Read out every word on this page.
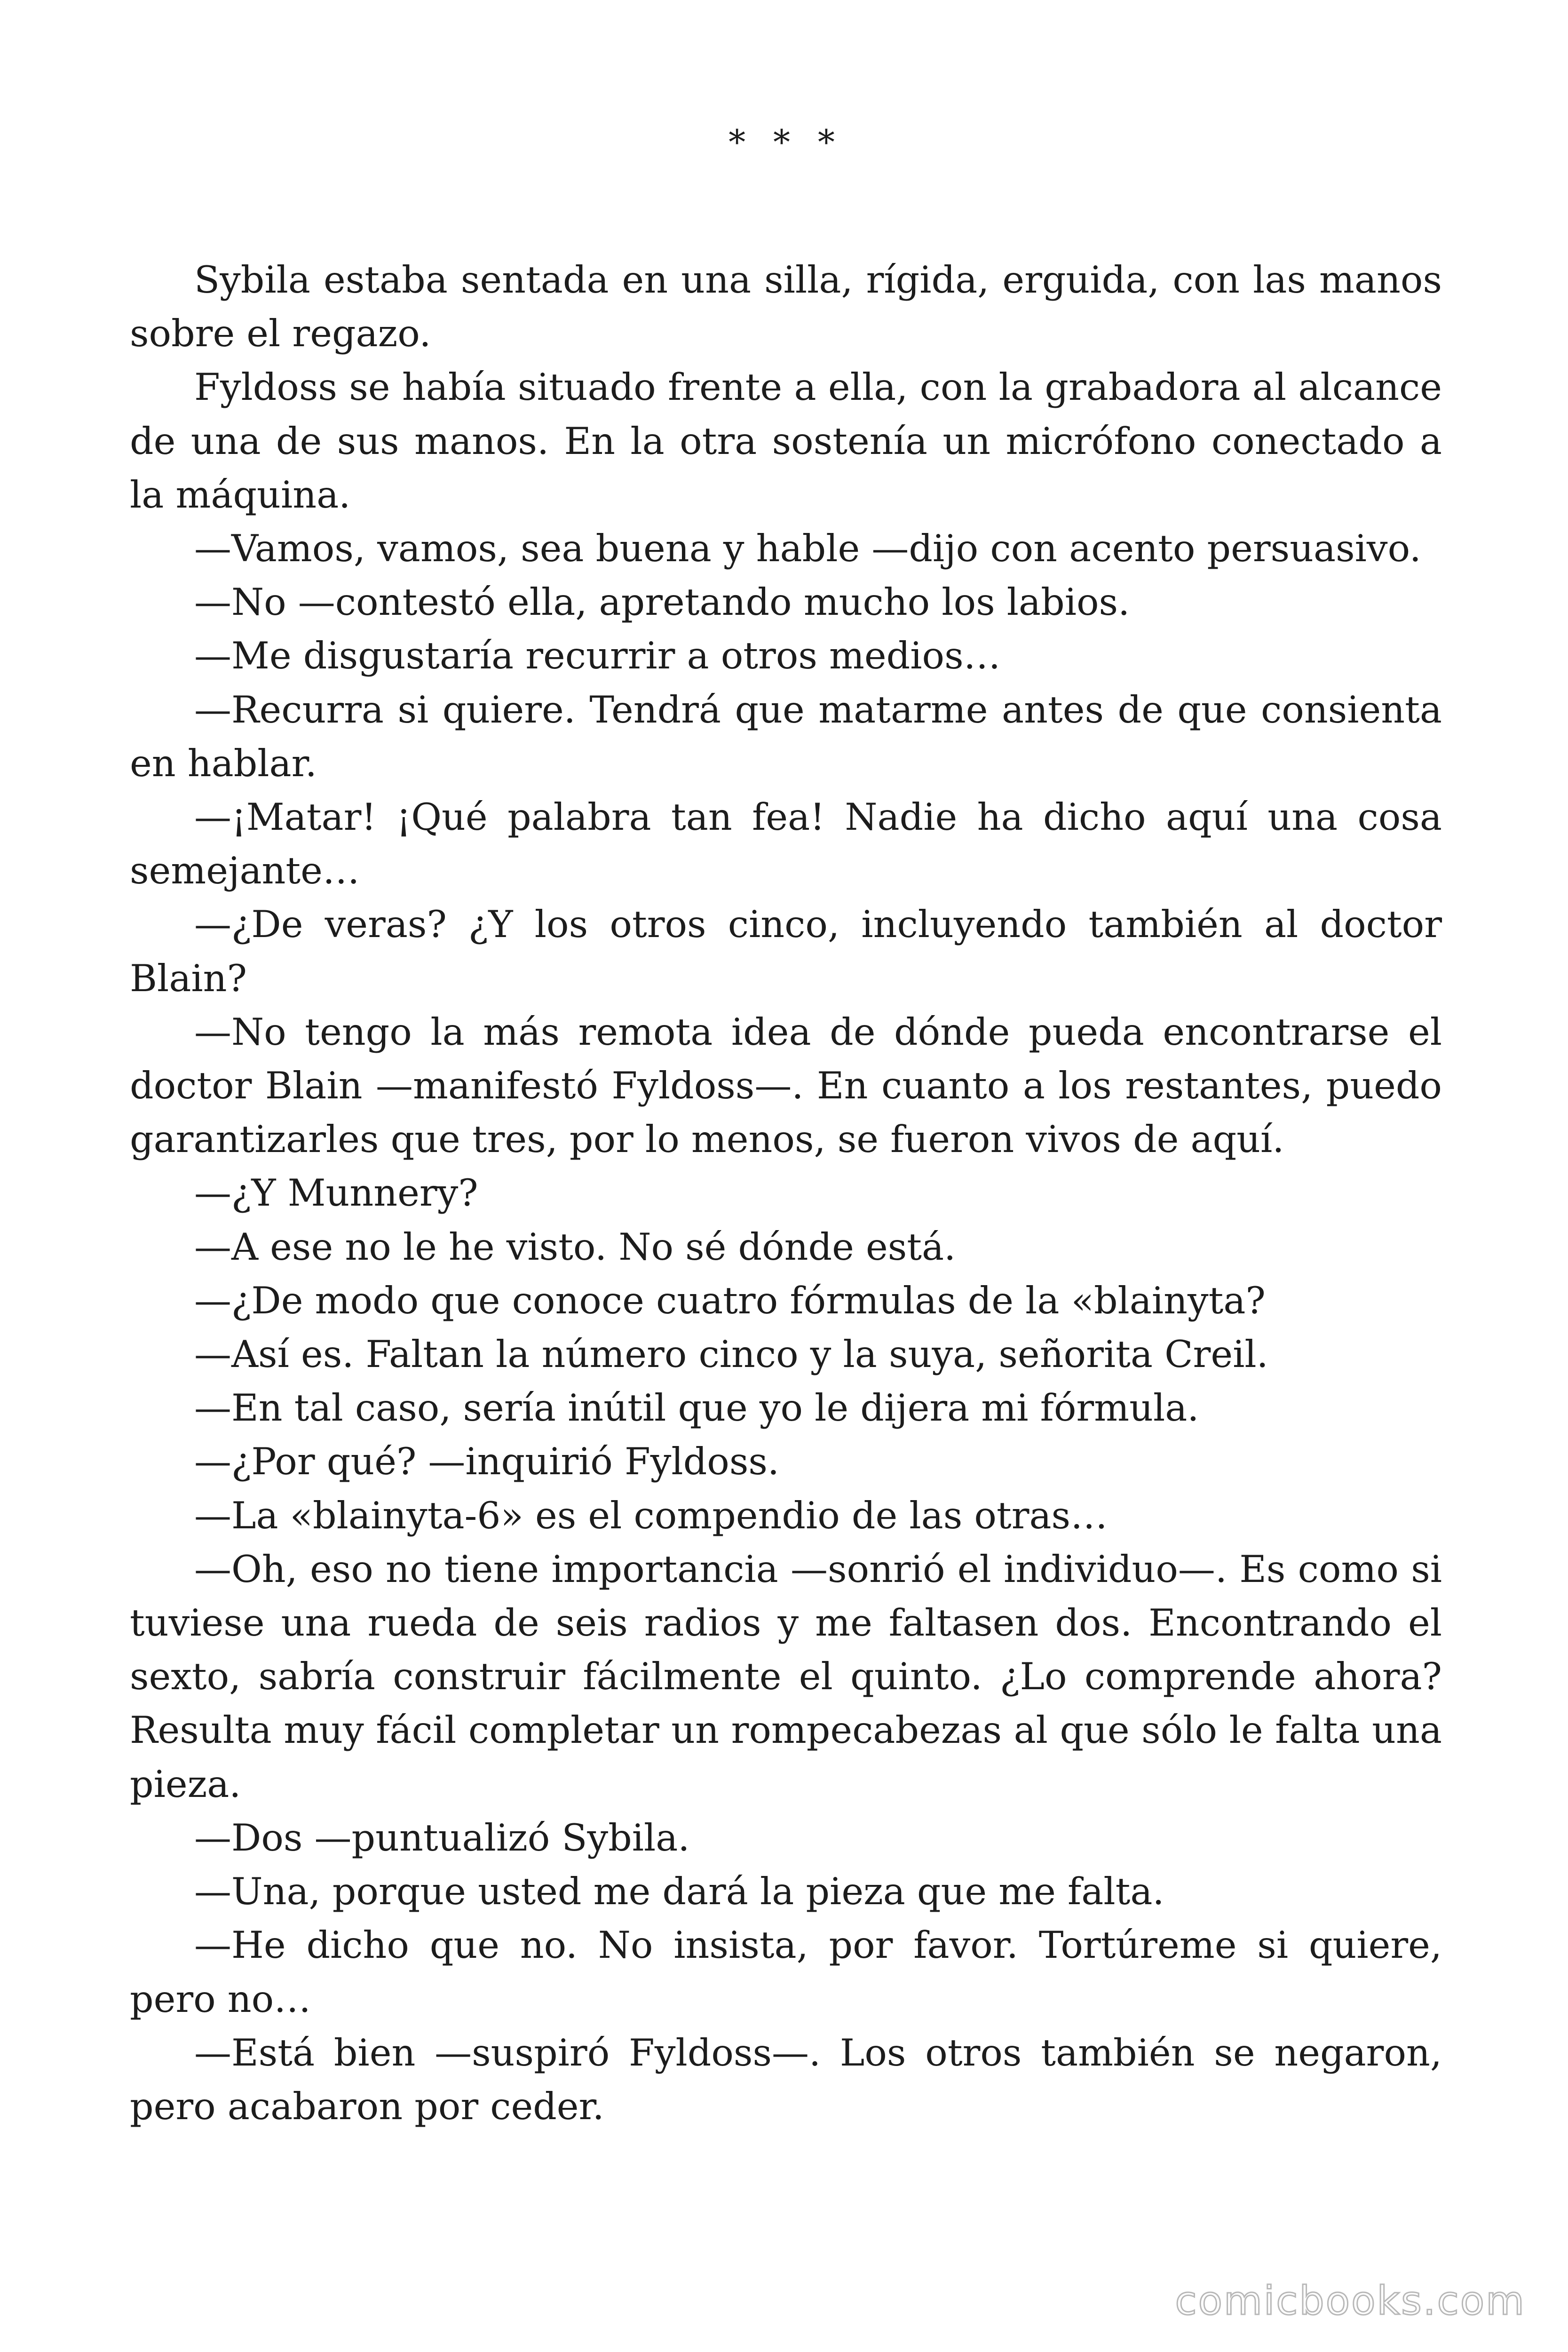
* * *

Sybila estaba sentada en una silla, rígida, erguida, con las manos sobre el regazo.

Fyldoss se había situado frente a ella, con la grabadora al alcance de una de sus manos. En la otra sostenía un micrófono conectado a la máquina.

—Vamos, vamos, sea buena y hable —dijo con acento persuasivo.

—No —contestó ella, apretando mucho los labios.

—Me disgustaría recurrir a otros medios…

—Recurra si quiere. Tendrá que matarme antes de que consienta en hablar.

—¡Matar! ¡Qué palabra tan fea! Nadie ha dicho aquí una cosa semejante…

—¿De veras? ¿Y los otros cinco, incluyendo también al doctor Blain?

—No tengo la más remota idea de dónde pueda encontrarse el doctor Blain —manifestó Fyldoss—. En cuanto a los restantes, puedo garantizarles que tres, por lo menos, se fueron vivos de aquí.

—¿Y Munnery?

—A ese no le he visto. No sé dónde está.

—¿De modo que conoce cuatro fórmulas de la «blainyta?

—Así es. Faltan la número cinco y la suya, señorita Creil.

—En tal caso, sería inútil que yo le dijera mi fórmula.

—¿Por qué? —inquirió Fyldoss.

—La «blainyta-6» es el compendio de las otras…

—Oh, eso no tiene importancia —sonrió el individuo—. Es como si tuviese una rueda de seis radios y me faltasen dos. Encontrando el sexto, sabría construir fácilmente el quinto. ¿Lo comprende ahora? Resulta muy fácil completar un rompecabezas al que sólo le falta una pieza.

—Dos —puntualizó Sybila.

—Una, porque usted me dará la pieza que me falta.

—He dicho que no. No insista, por favor. Tortúreme si quiere, pero no…

—Está bien —suspiró Fyldoss—. Los otros también se negaron, pero acabaron por ceder.

comicbooks.com
